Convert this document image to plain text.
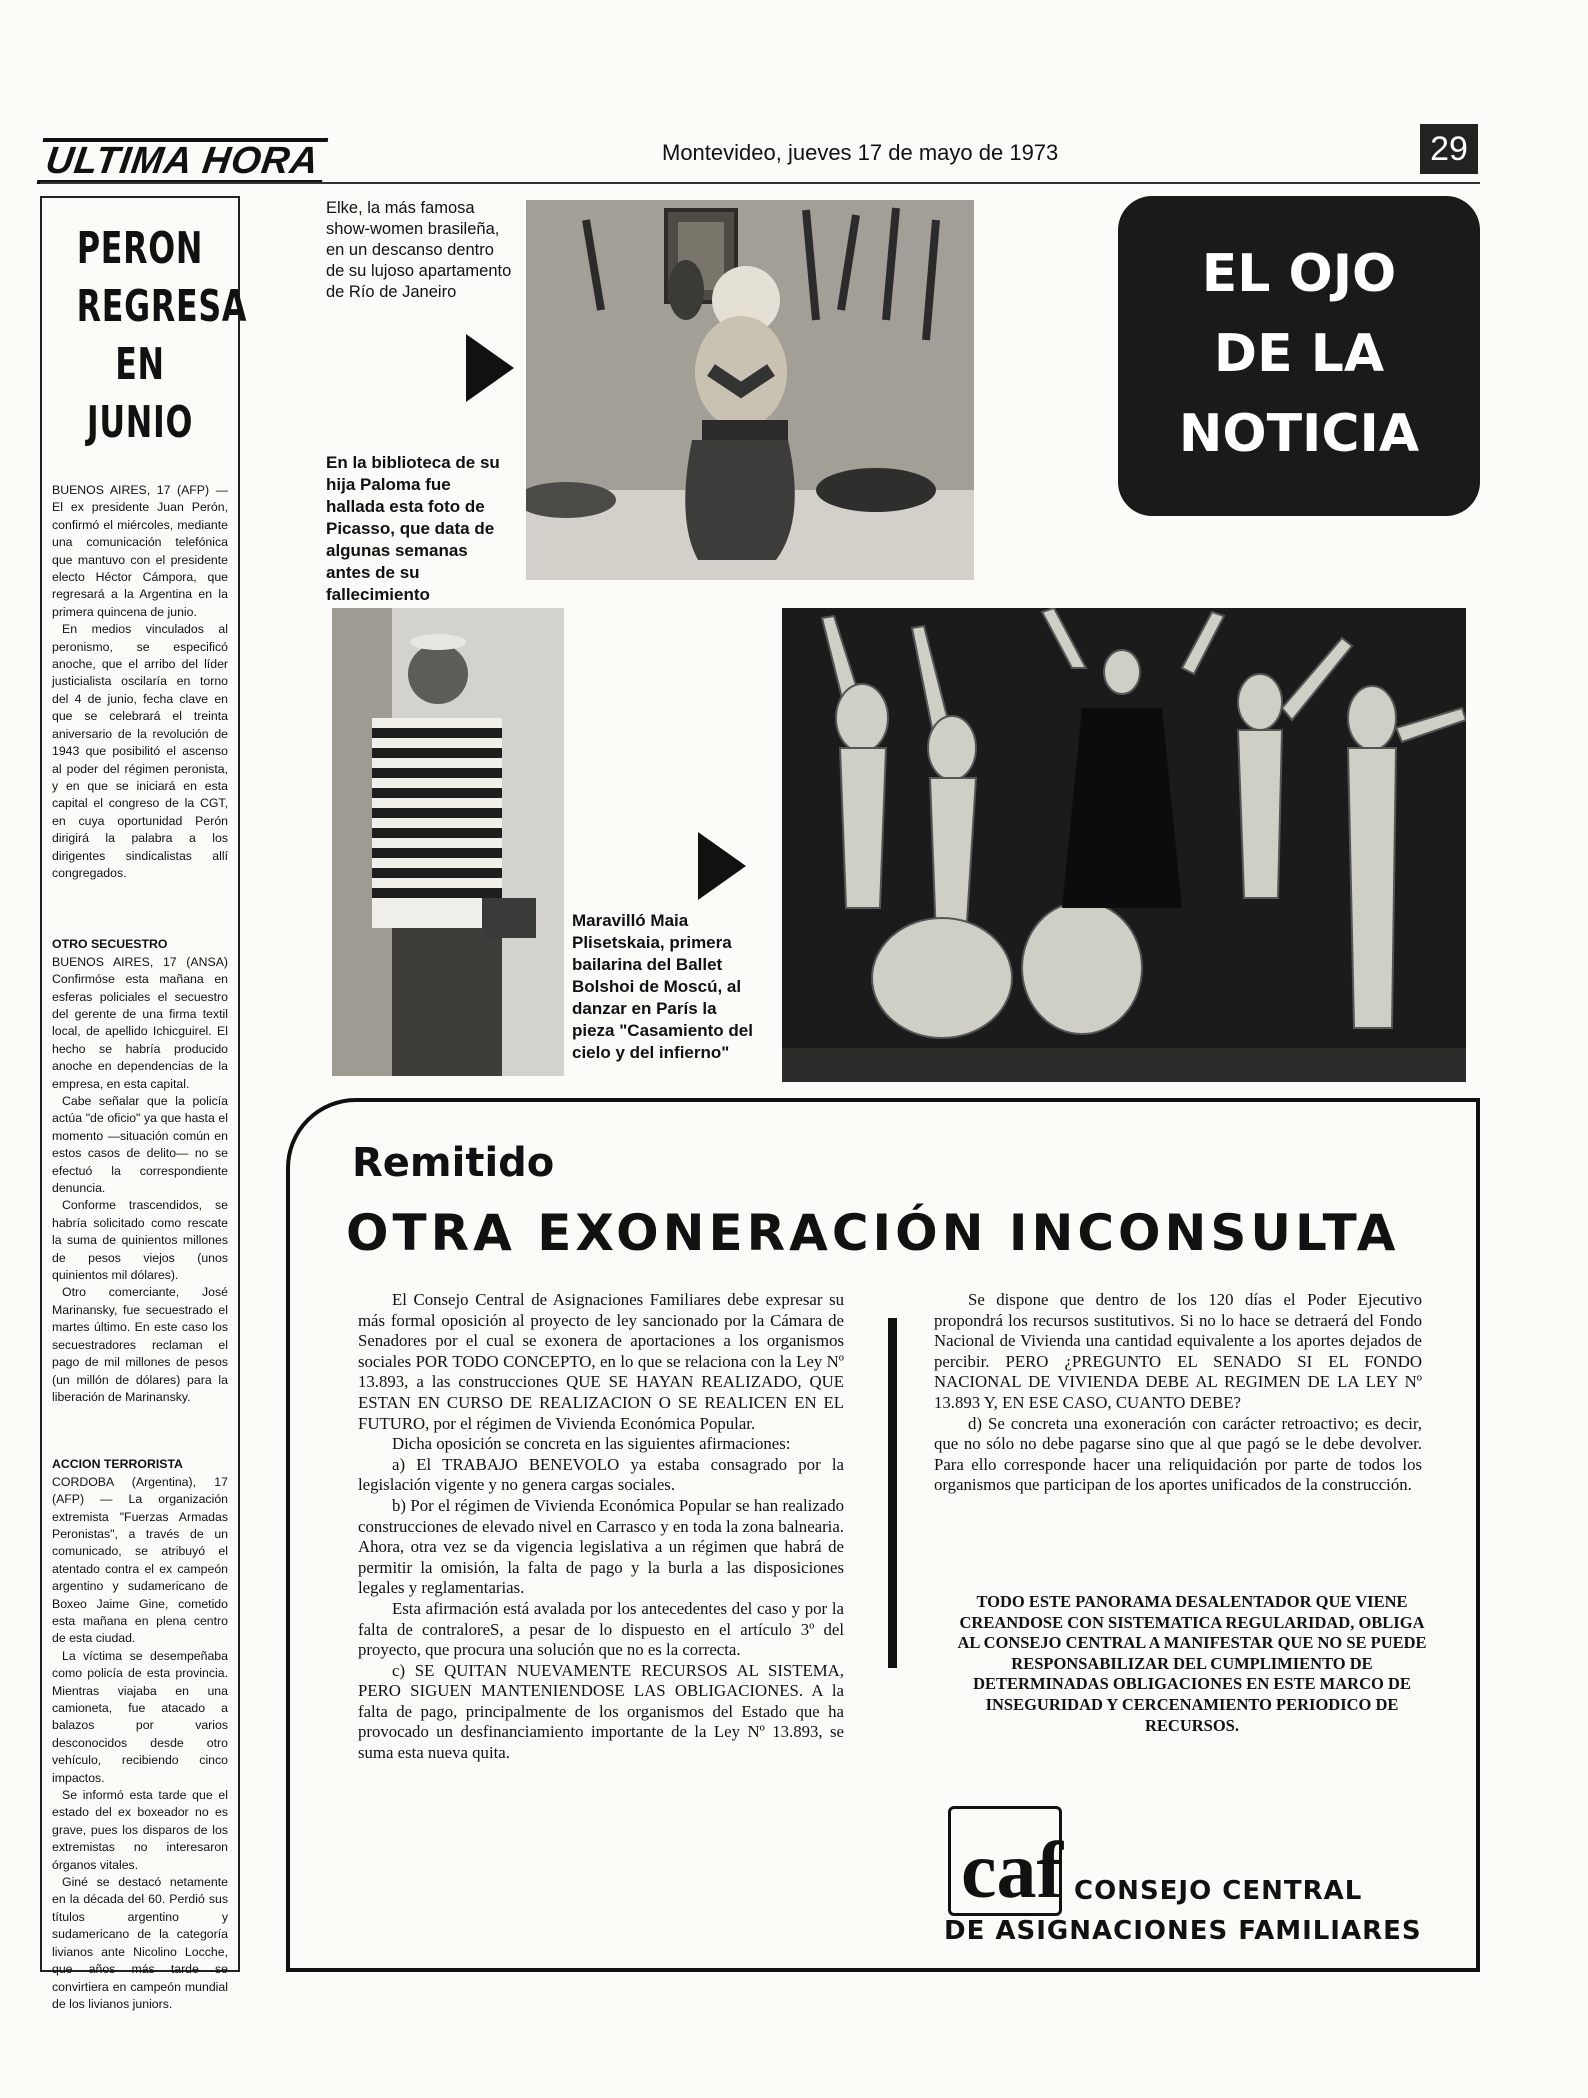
ULTIMA HORA	Montevideo, jueves 17 de mayo de 1973	29
PERON
REGRESA
EN JUNIO

BUENOS AIRES, 17 (AFP) — El ex presidente Juan Perón, confirmó el miércoles, mediante una comunicación telefónica que mantuvo con el presidente electo Héctor Cámpora, que regresará a la Argentina en la primera quincena de junio.

En medios vinculados al peronismo, se especificó anoche, que el arribo del líder justicialista oscilaría en torno del 4 de junio, fecha clave en que se celebrará el treinta aniversario de la revolución de 1943 que posibilitó el ascenso al poder del régimen peronista, y en que se iniciará en esta capital el congreso de la CGT, en cuya oportunidad Perón dirigirá la palabra a los dirigentes sindicalistas allí congregados.

OTRO SECUESTRO

BUENOS AIRES, 17 (ANSA) Confirmóse esta mañana en esferas policiales el secuestro del gerente de una firma textil local, de apellido Ichicguirel. El hecho se habría producido anoche en dependencias de la empresa, en esta capital.

Cabe señalar que la policía actúa "de oficio" ya que hasta el momento —situación común en estos casos de delito— no se efectuó la correspondiente denuncia.

Conforme trascendidos, se habría solicitado como rescate la suma de quinientos millones de pesos viejos (unos quinientos mil dólares).

Otro comerciante, José Marinansky, fue secuestrado el martes último. En este caso los secuestradores reclaman el pago de mil millones de pesos (un millón de dólares) para la liberación de Marinansky.

ACCION TERRORISTA

CORDOBA (Argentina), 17 (AFP) — La organización extremista "Fuerzas Armadas Peronistas", a través de un comunicado, se atribuyó el atentado contra el ex campeón argentino y sudamericano de Boxeo Jaime Gine, cometido esta mañana en plena centro de esta ciudad.

La víctima se desempeñaba como policía de esta provincia. Mientras viajaba en una camioneta, fue atacado a balazos por varios desconocidos desde otro vehículo, recibiendo cinco impactos.

Se informó esta tarde que el estado del ex boxeador no es grave, pues los disparos de los extremistas no interesaron órganos vitales.

Giné se destacó netamente en la década del 60. Perdió sus títulos argentino y sudamericano de la categoría livianos ante Nicolino Locche, que años más tarde se convirtiera en campeón mundial de los livianos juniors.

Elke, la más famosa show-women brasileña, en un descanso dentro de su lujoso apartamento de Río de Janeiro
En la biblioteca de su hija Paloma fue hallada esta foto de Picasso, que data de algunas semanas antes de su fallecimiento
EL OJO
DE LA
NOTICIA
Maravilló Maia Plisetskaia, primera bailarina del Ballet Bolshoi de Moscú, al danzar en París la pieza "Casamiento del cielo y del infierno"
Remitido
OTRA EXONERACIÓN INCONSULTA

El Consejo Central de Asignaciones Familiares debe expresar su más formal oposición al proyecto de ley sancionado por la Cámara de Senadores por el cual se exonera de aportaciones a los organismos sociales POR TODO CONCEPTO, en lo que se relaciona con la Ley Nº 13.893, a las construcciones QUE SE HAYAN REALIZADO, QUE ESTAN EN CURSO DE REALIZACION O SE REALICEN EN EL FUTURO, por el régimen de Vivienda Económica Popular.

Dicha oposición se concreta en las siguientes afirmaciones:

a) El TRABAJO BENEVOLO ya estaba consagrado por la legislación vigente y no genera cargas sociales.

b) Por el régimen de Vivienda Económica Popular se han realizado construcciones de elevado nivel en Carrasco y en toda la zona balnearia. Ahora, otra vez se da vigencia legislativa a un régimen que habrá de permitir la omisión, la falta de pago y la burla a las disposiciones legales y reglamentarias.

Esta afirmación está avalada por los antecedentes del caso y por la falta de contraloreS, a pesar de lo dispuesto en el artículo 3º del proyecto, que procura una solución que no es la correcta.

c) SE QUITAN NUEVAMENTE RECURSOS AL SISTEMA, PERO SIGUEN MANTENIENDOSE LAS OBLIGACIONES. A la falta de pago, principalmente de los organismos del Estado que ha provocado un desfinanciamiento importante de la Ley Nº 13.893, se suma esta nueva quita.

Se dispone que dentro de los 120 días el Poder Ejecutivo propondrá los recursos sustitutivos. Si no lo hace se detraerá del Fondo Nacional de Vivienda una cantidad equivalente a los aportes dejados de percibir. PERO ¿PREGUNTO EL SENADO SI EL FONDO NACIONAL DE VIVIENDA DEBE AL REGIMEN DE LA LEY Nº 13.893 Y, EN ESE CASO, CUANTO DEBE?

d) Se concreta una exoneración con carácter retroactivo; es decir, que no sólo no debe pagarse sino que al que pagó se le debe devolver. Para ello corresponde hacer una reliquidación por parte de todos los organismos que participan de los aportes unificados de la construcción.

TODO ESTE PANORAMA DESALENTADOR QUE VIENE CREANDOSE CON SISTEMATICA REGULARIDAD, OBLIGA AL CONSEJO CENTRAL A MANIFESTAR QUE NO SE PUEDE RESPONSABILIZAR DEL CUMPLIMIENTO DE DETERMINADAS OBLIGACIONES EN ESTE MARCO DE INSEGURIDAD Y CERCENAMIENTO PERIODICO DE RECURSOS.
caf CONSEJO CENTRAL
DE ASIGNACIONES FAMILIARES
